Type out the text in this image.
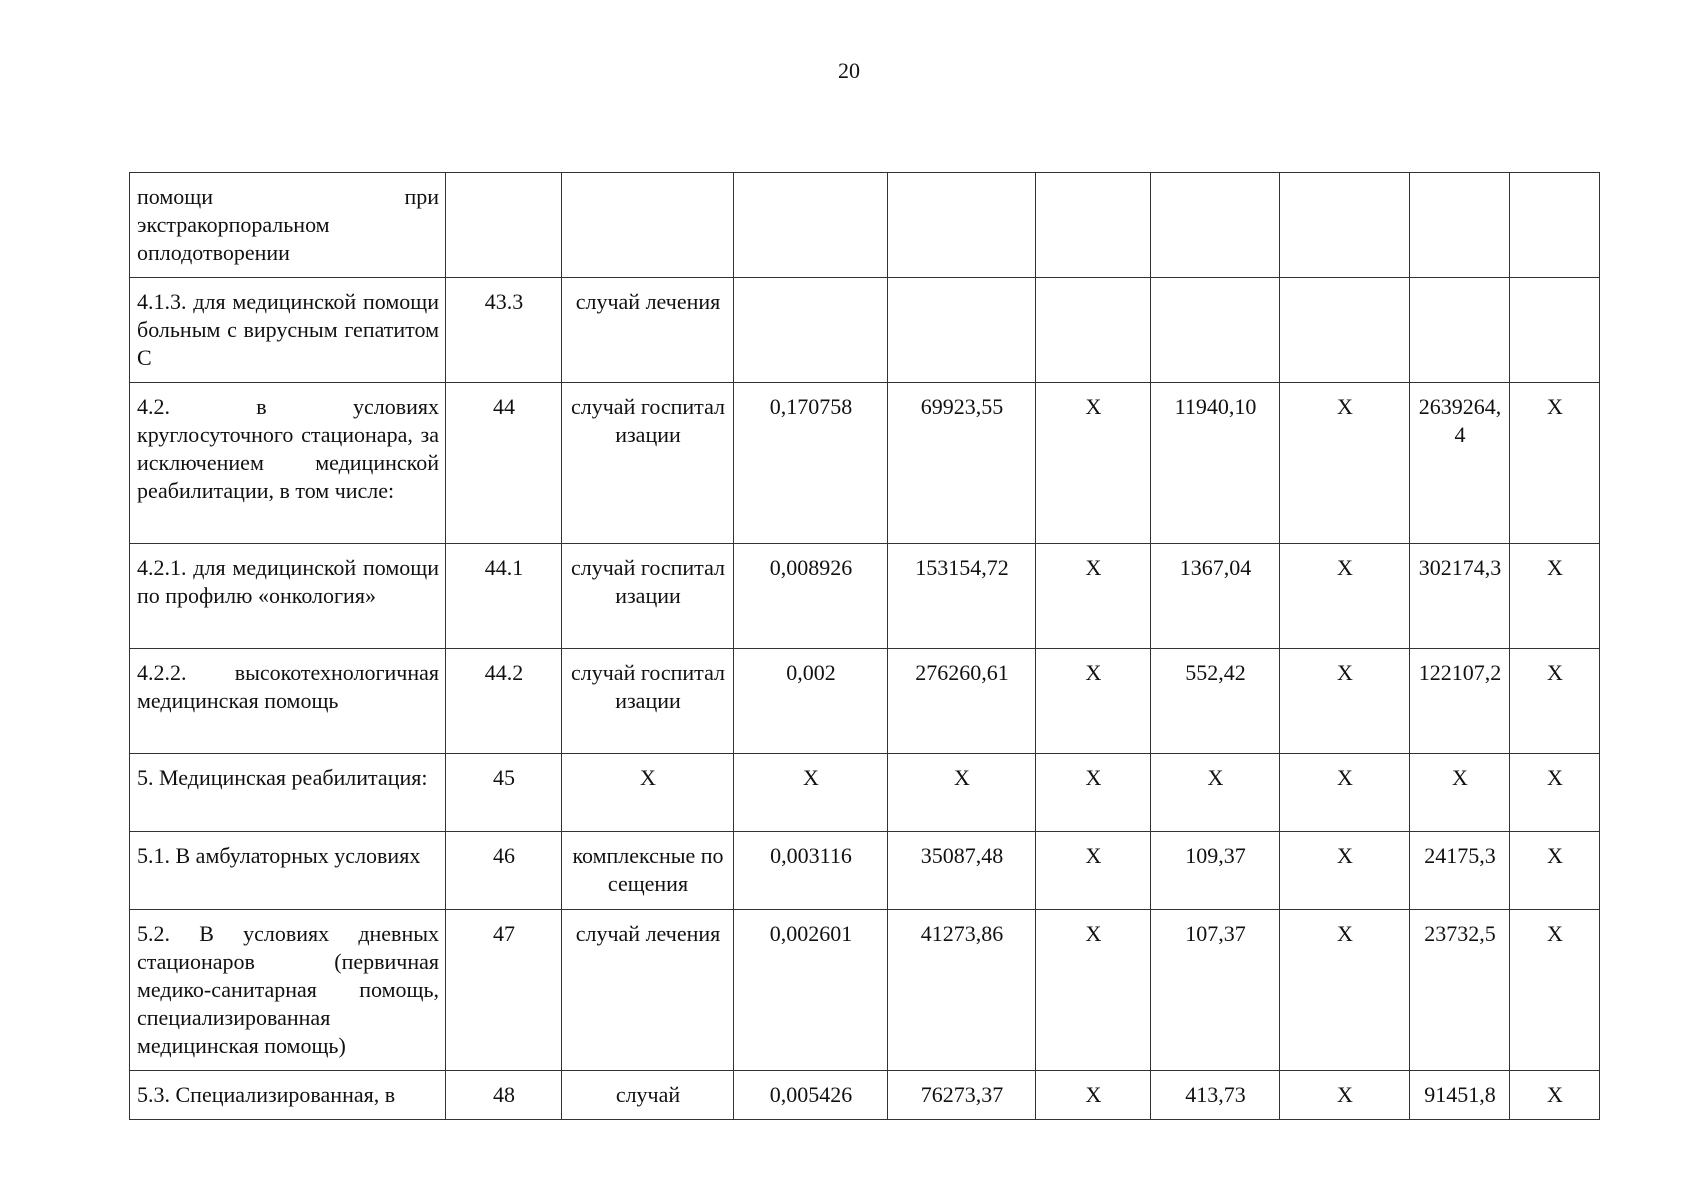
20
помощи при экстракорпоральном оплодотворении									
4.1.3. для медицинской помощи больным с вирусным гепатитом С	43.3	случай лечения							
4.2. в условиях круглосуточного стационара, за исключением медицинской реабилитации, в том числе:	44	случай госпитализации	0,170758	69923,55	Х	11940,10	Х	2639264,4	Х
4.2.1. для медицинской помощи по профилю «онкология»	44.1	случай госпитализации	0,008926	153154,72	Х	1367,04	Х	302174,3	Х
4.2.2. высокотехнологичная медицинская помощь	44.2	случай госпитализации	0,002	276260,61	Х	552,42	Х	122107,2	Х
5. Медицинская реабилитация:	45	Х	Х	Х	Х	Х	Х	Х	Х
5.1. В амбулаторных условиях	46	комплексные посещения	0,003116	35087,48	Х	109,37	Х	24175,3	Х
5.2. В условиях дневных стационаров (первичная медико-санитарная помощь, специализированная медицинская помощь)	47	случай лечения	0,002601	41273,86	Х	107,37	Х	23732,5	Х
5.3. Специализированная, в	48	случай	0,005426	76273,37	Х	413,73	Х	91451,8	Х
